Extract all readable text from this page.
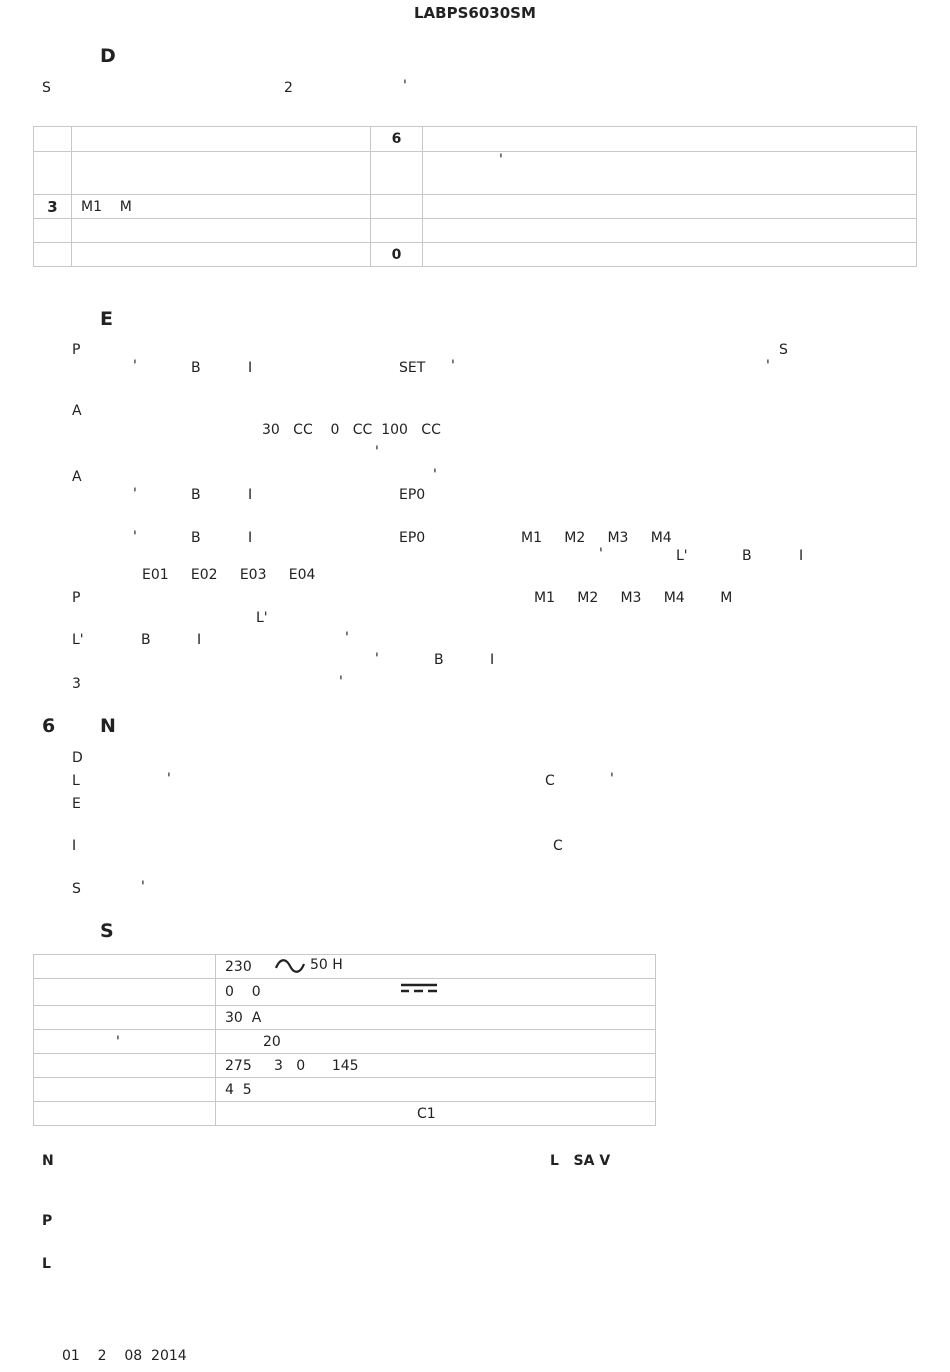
LABPS6030SM
D
S	2	'
		6	
			'
3	M1    M		

		0	
E
P	S
'	B	I	SET '	'
A
30   CC    0   CC  100   CC
'
A	'
'	B	I	EP0
'	B	I	EP0	M1     M2     M3     M4
'	L'	B	I
E01     E02     E03     E04
P	M1     M2     M3     M4        M
L'
L'	B	I	'
'	B	I
3	'
6 N
D
L	'	C	'
E
I	C
S	'
S
	230 50 H

	0    0

	30  A
'	20
	275     3   0      145
	4  5
	C1
N	L   SA V
P
L
01    2    08  2014
